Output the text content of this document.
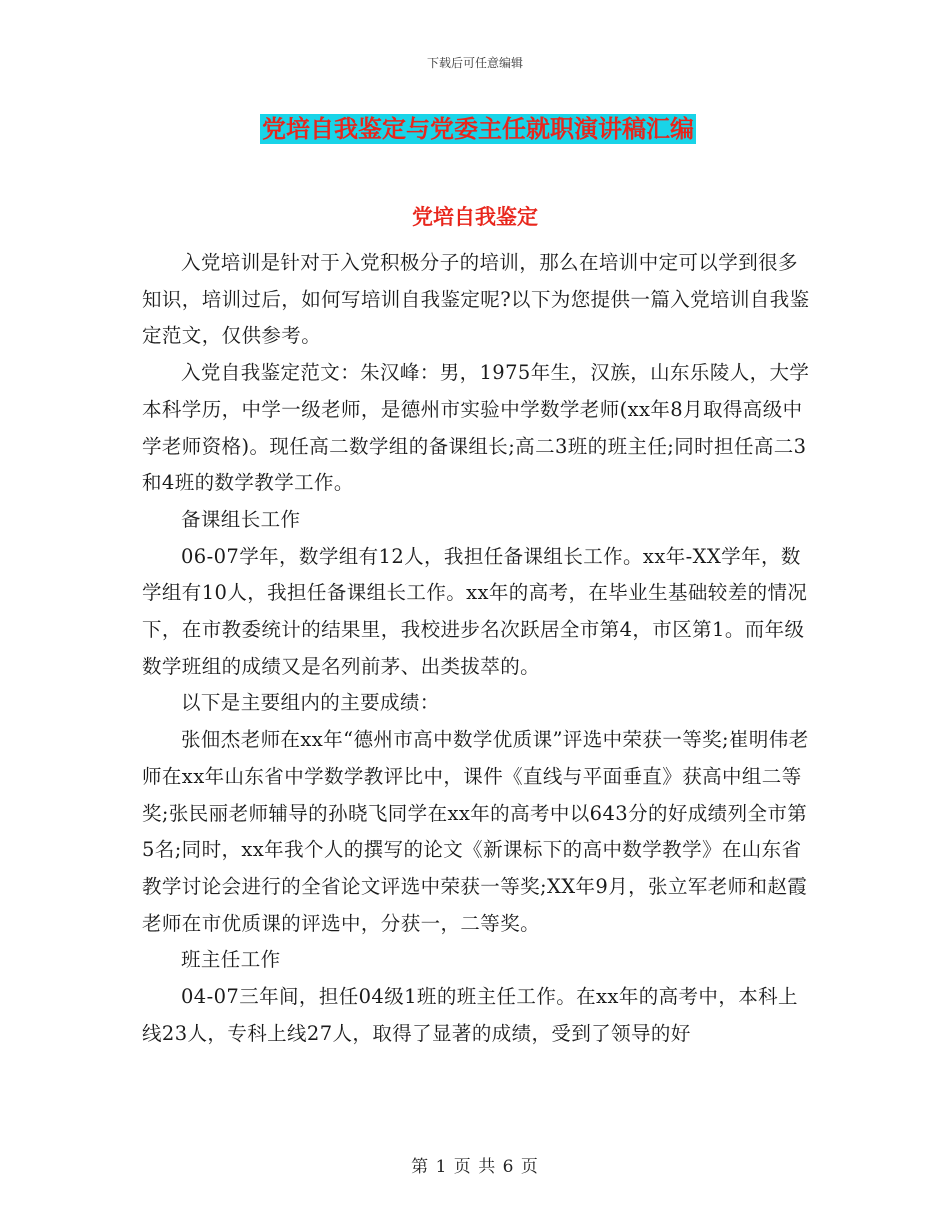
下载后可任意编辑
党培自我鉴定与党委主任就职演讲稿汇编
党培自我鉴定

入党培训是针对于入党积极分子的培训，那么在培训中定可以学到很多知识，培训过后，如何写培训自我鉴定呢?以下为您提供一篇入党培训自我鉴定范文，仅供参考。

入党自我鉴定范文：朱汉峰：男，1975年生，汉族，山东乐陵人，大学本科学历，中学一级老师，是德州市实验中学数学老师(xx年8月取得高级中学老师资格)。现任高二数学组的备课组长;高二3班的班主任;同时担任高二3和4班的数学教学工作。

备课组长工作

06-07学年，数学组有12人，我担任备课组长工作。xx年-XX学年，数学组有10人，我担任备课组长工作。xx年的高考，在毕业生基础较差的情况下，在市教委统计的结果里，我校进步名次跃居全市第4，市区第1。而年级数学班组的成绩又是名列前茅、出类拔萃的。

以下是主要组内的主要成绩：

张佃杰老师在xx年“德州市高中数学优质课”评选中荣获一等奖;崔明伟老师在xx年山东省中学数学教评比中，课件《直线与平面垂直》获高中组二等奖;张民丽老师辅导的孙晓飞同学在xx年的高考中以643分的好成绩列全市第5名;同时，xx年我个人的撰写的论文《新课标下的高中数学教学》在山东省教学讨论会进行的全省论文评选中荣获一等奖;XX年9月，张立军老师和赵霞老师在市优质课的评选中，分获一，二等奖。

班主任工作

04-07三年间，担任04级1班的班主任工作。在xx年的高考中，本科上线23人，专科上线27人，取得了显著的成绩，受到了领导的好

第 1 页 共 6 页
